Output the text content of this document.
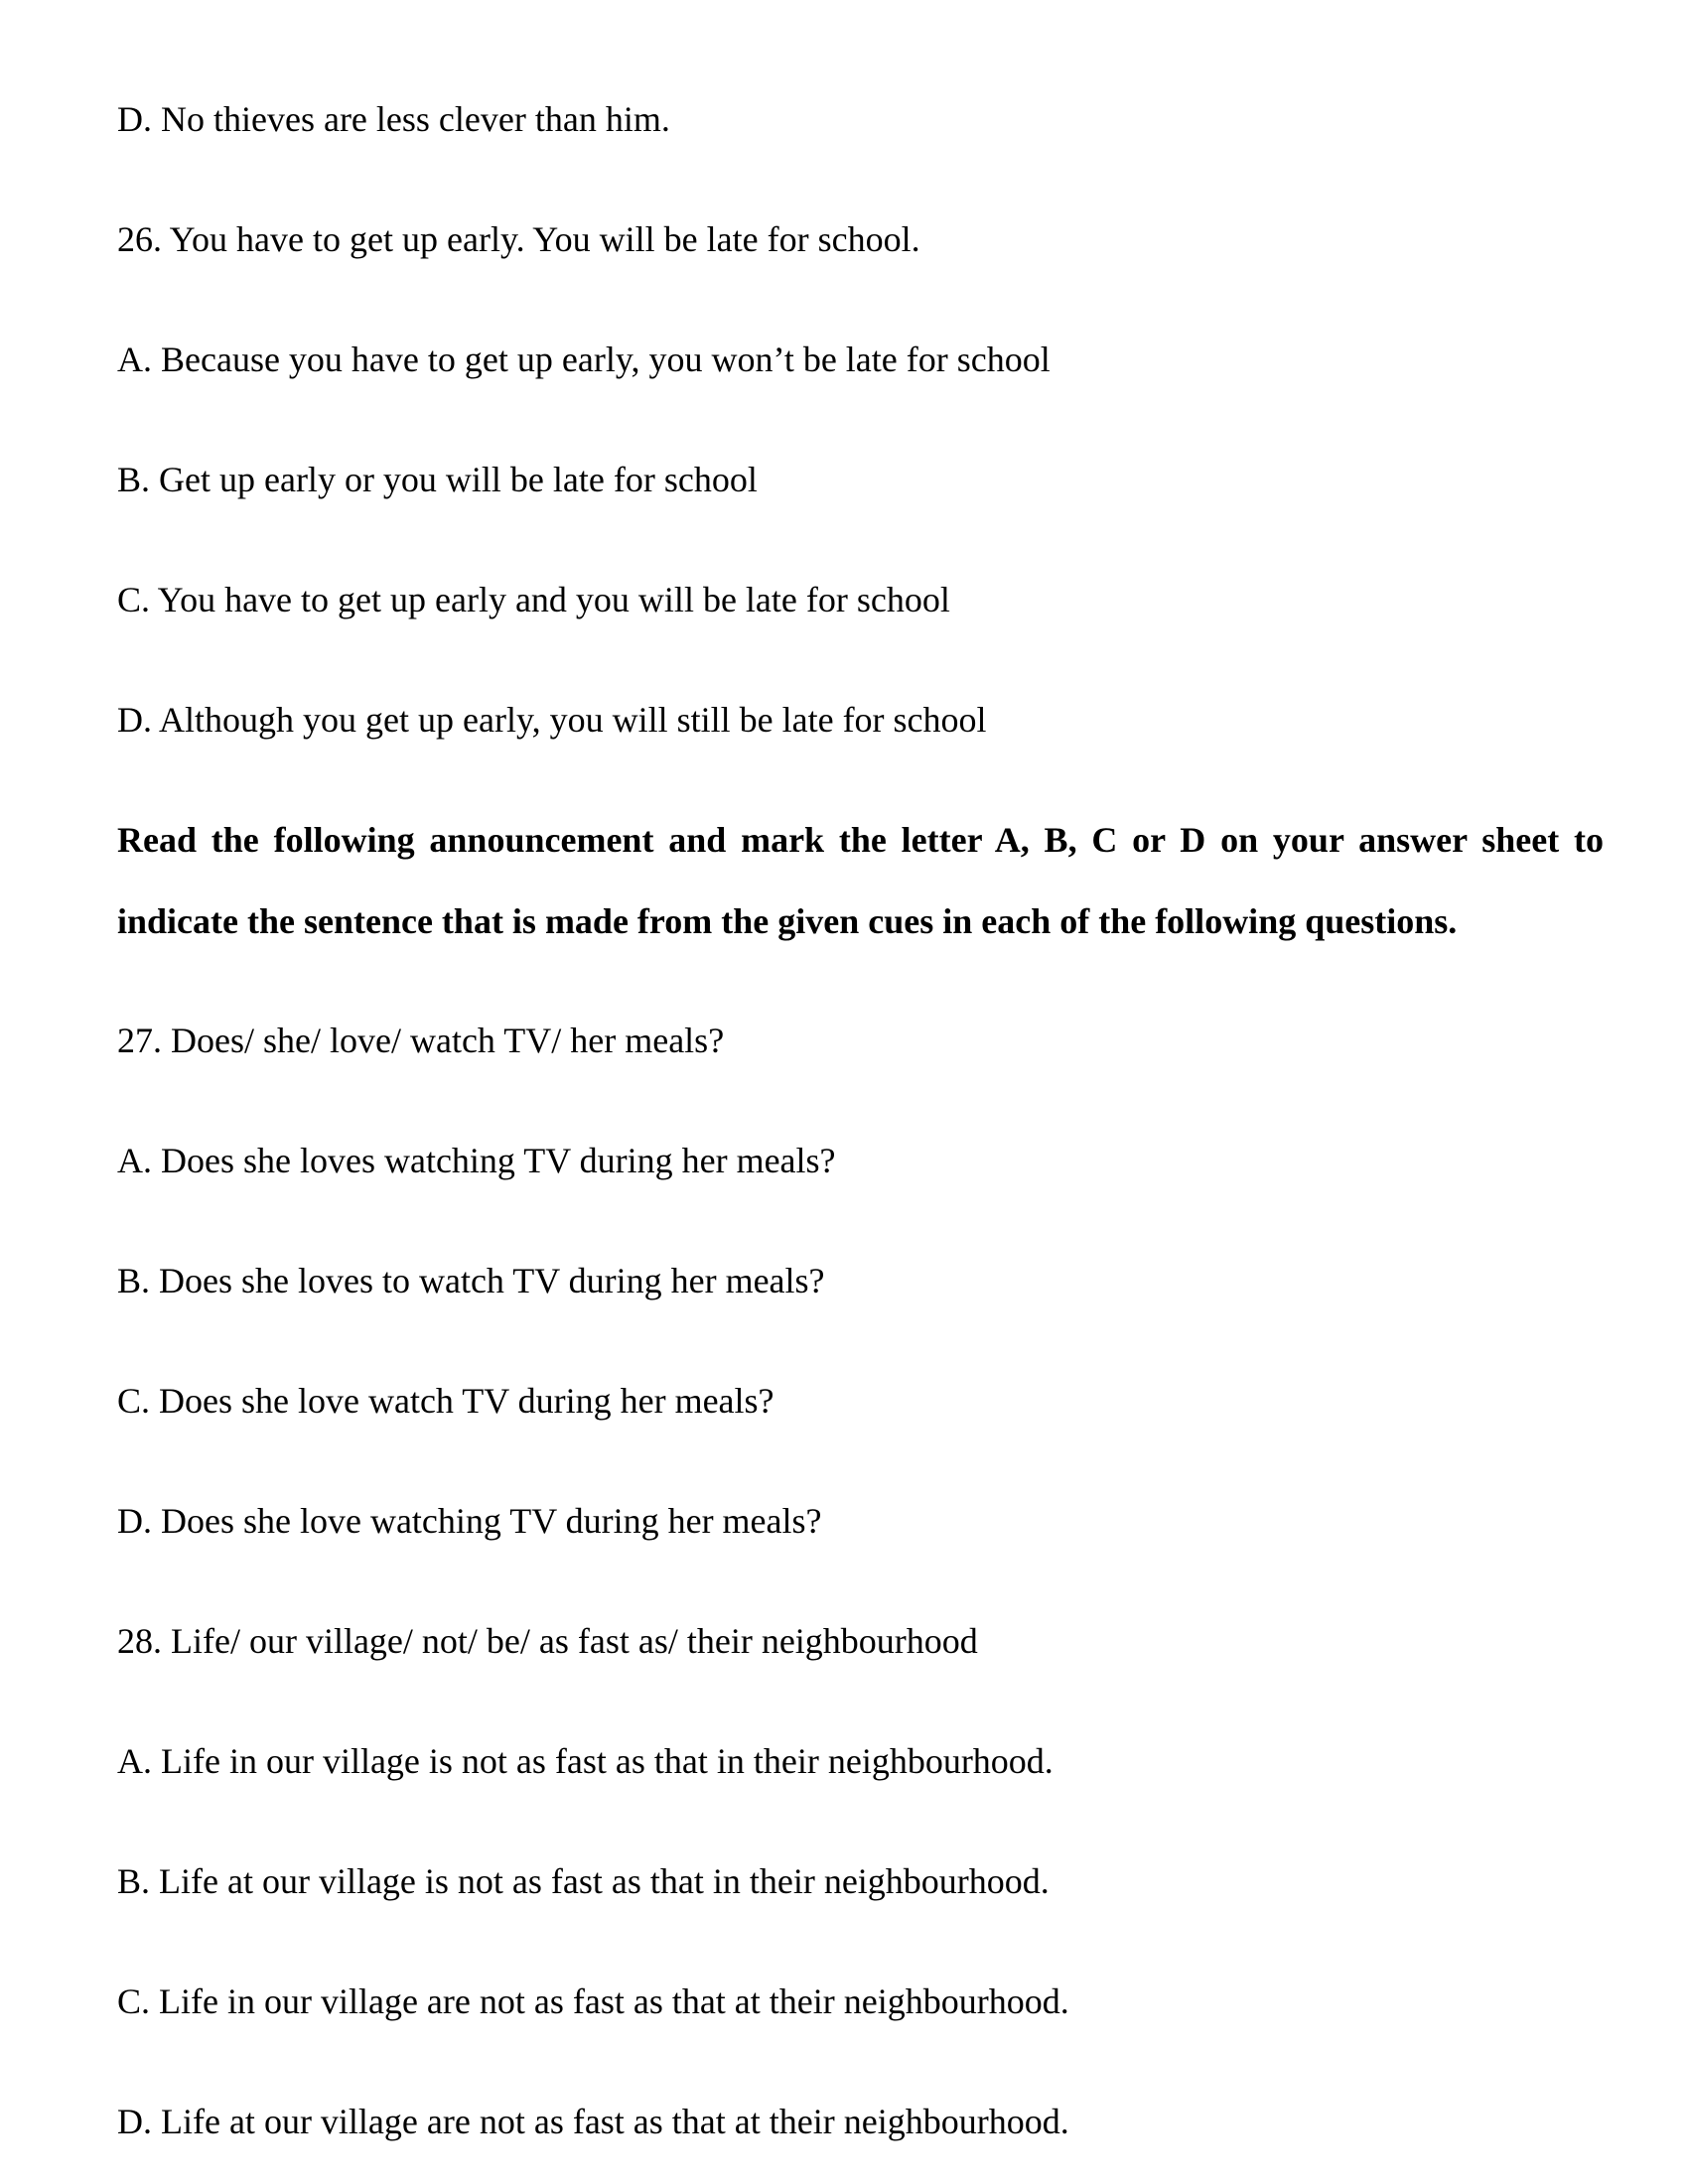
D. No thieves are less clever than him.

26. You have to get up early. You will be late for school.

A. Because you have to get up early, you won’t be late for school

B. Get up early or you will be late for school

C. You have to get up early and you will be late for school

D. Although you get up early, you will still be late for school

Read the following announcement and mark the letter A, B, C or D on your answer sheet to
indicate the sentence that is made from the given cues in each of the following questions.

27. Does/ she/ love/ watch TV/ her meals?

A. Does she loves watching TV during her meals?

B. Does she loves to watch TV during her meals?

C. Does she love watch TV during her meals?

D. Does she love watching TV during her meals?

28. Life/ our village/ not/ be/ as fast as/ their neighbourhood

A. Life in our village is not as fast as that in their neighbourhood.

B. Life at our village is not as fast as that in their neighbourhood.

C. Life in our village are not as fast as that at their neighbourhood.

D. Life at our village are not as fast as that at their neighbourhood.
